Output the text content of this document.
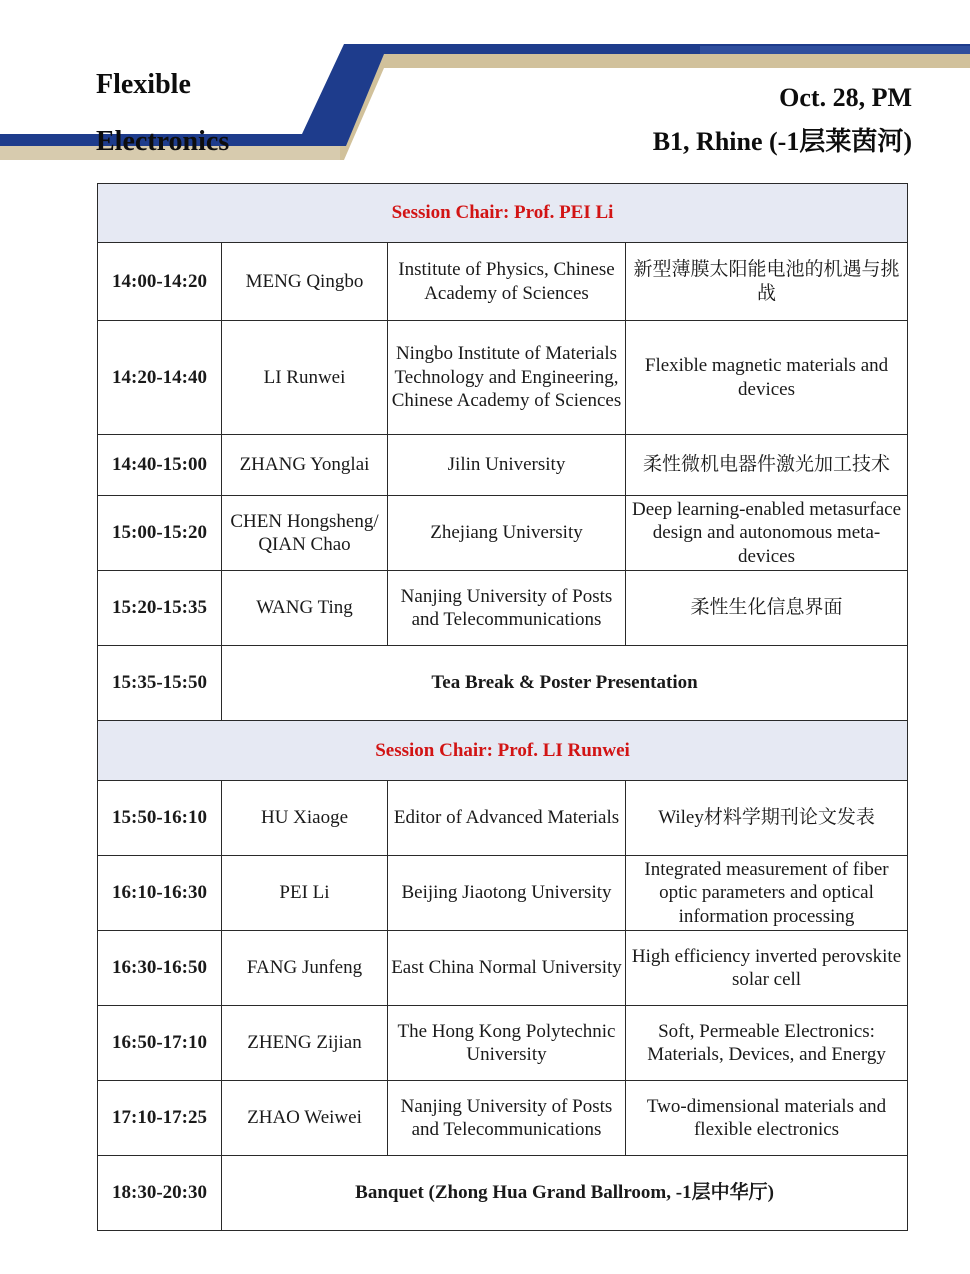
Flexible
Electronics
Oct. 28, PM
B1, Rhine (-1层莱茵河)
Session Chair: Prof. PEI Li			
14:00-14:20	MENG Qingbo	Institute of Physics, Chinese Academy of Sciences	新型薄膜太阳能电池的机遇与挑战
14:20-14:40	LI Runwei	Ningbo Institute of Materials Technology and Engineering, Chinese Academy of Sciences	Flexible magnetic materials and devices
14:40-15:00	ZHANG Yonglai	Jilin University	柔性微机电器件激光加工技术
15:00-15:20	CHEN Hongsheng/ QIAN Chao	Zhejiang University	Deep learning-enabled metasurface design and autonomous meta-devices
15:20-15:35	WANG Ting	Nanjing University of Posts and Telecommunications	柔性生化信息界面
15:35-15:50	Tea Break & Poster Presentation		
Session Chair: Prof. LI Runwei			
15:50-16:10	HU Xiaoge	Editor of Advanced Materials	Wiley材料学期刊论文发表
16:10-16:30	PEI Li	Beijing Jiaotong University	Integrated measurement of fiber optic parameters and optical information processing
16:30-16:50	FANG Junfeng	East China Normal University	High efficiency inverted perovskite solar cell
16:50-17:10	ZHENG Zijian	The Hong Kong Polytechnic University	Soft, Permeable Electronics: Materials, Devices, and Energy
17:10-17:25	ZHAO Weiwei	Nanjing University of Posts and Telecommunications	Two-dimensional materials and flexible electronics
18:30-20:30	Banquet (Zhong Hua Grand Ballroom, -1层中华厅)		
